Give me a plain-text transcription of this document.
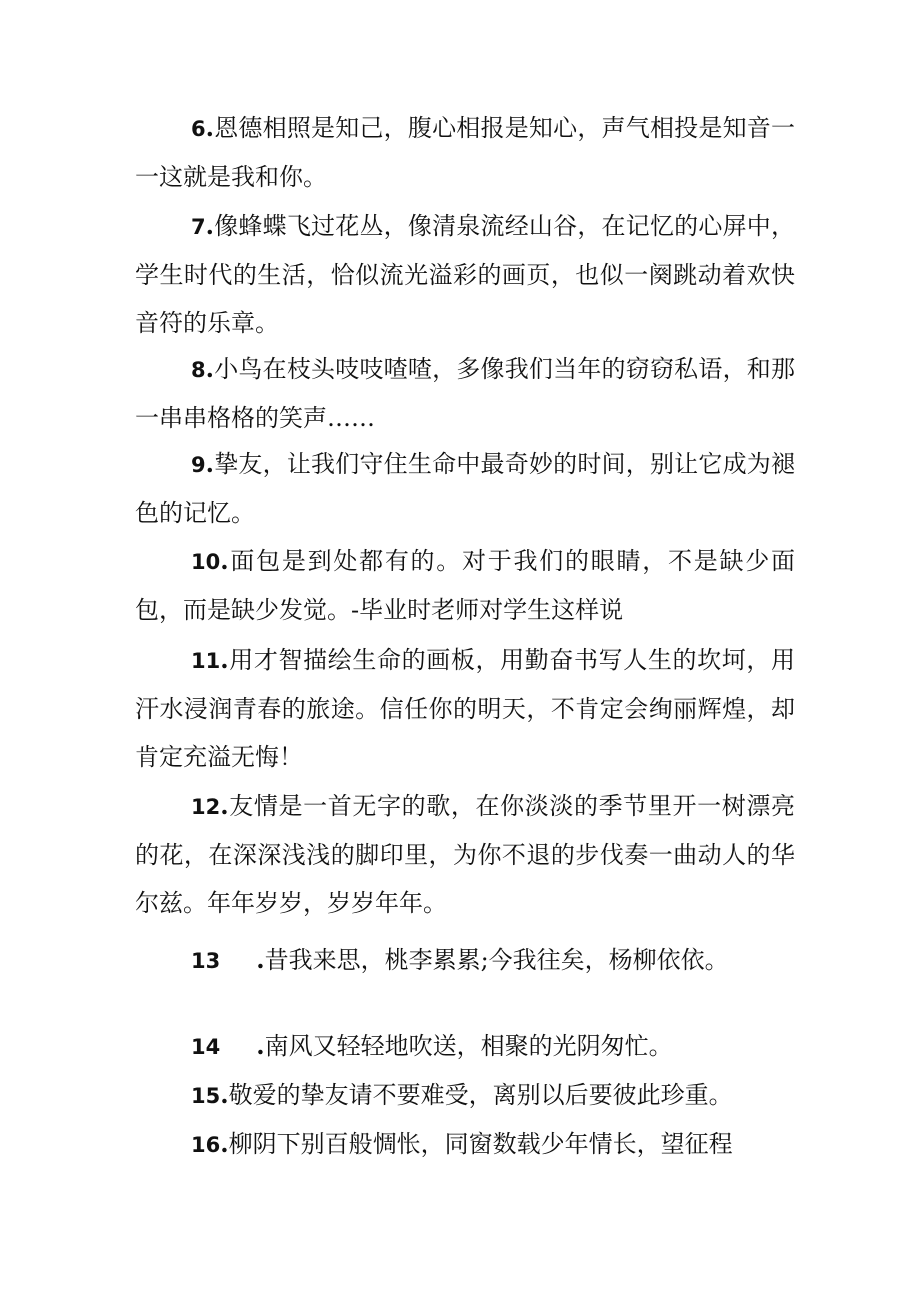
6.恩德相照是知己，腹心相报是知心，声气相投是知音一一这就是我和你。

7.像蜂蝶飞过花丛，像清泉流经山谷，在记忆的心屏中，学生时代的生活，恰似流光溢彩的画页，也似一阕跳动着欢快音符的乐章。

8.小鸟在枝头吱吱喳喳，多像我们当年的窃窃私语，和那一串串格格的笑声……

9.挚友，让我们守住生命中最奇妙的时间，别让它成为褪色的记忆。

10.面包是到处都有的。对于我们的眼睛，不是缺少面包，而是缺少发觉。-毕业时老师对学生这样说

11.用才智描绘生命的画板，用勤奋书写人生的坎坷，用汗水浸润青春的旅途。信任你的明天，不肯定会绚丽辉煌，却肯定充溢无悔！

12.友情是一首无字的歌，在你淡淡的季节里开一树漂亮的花，在深深浅浅的脚印里，为你不退的步伐奏一曲动人的华尔兹。年年岁岁，岁岁年年。

13 .昔我来思，桃李累累;今我往矣，杨柳依依。

14 .南风又轻轻地吹送，相聚的光阴匆忙。

15.敬爱的挚友请不要难受，离别以后要彼此珍重。

16.柳阴下别百般惆怅，同窗数载少年情长，望征程
